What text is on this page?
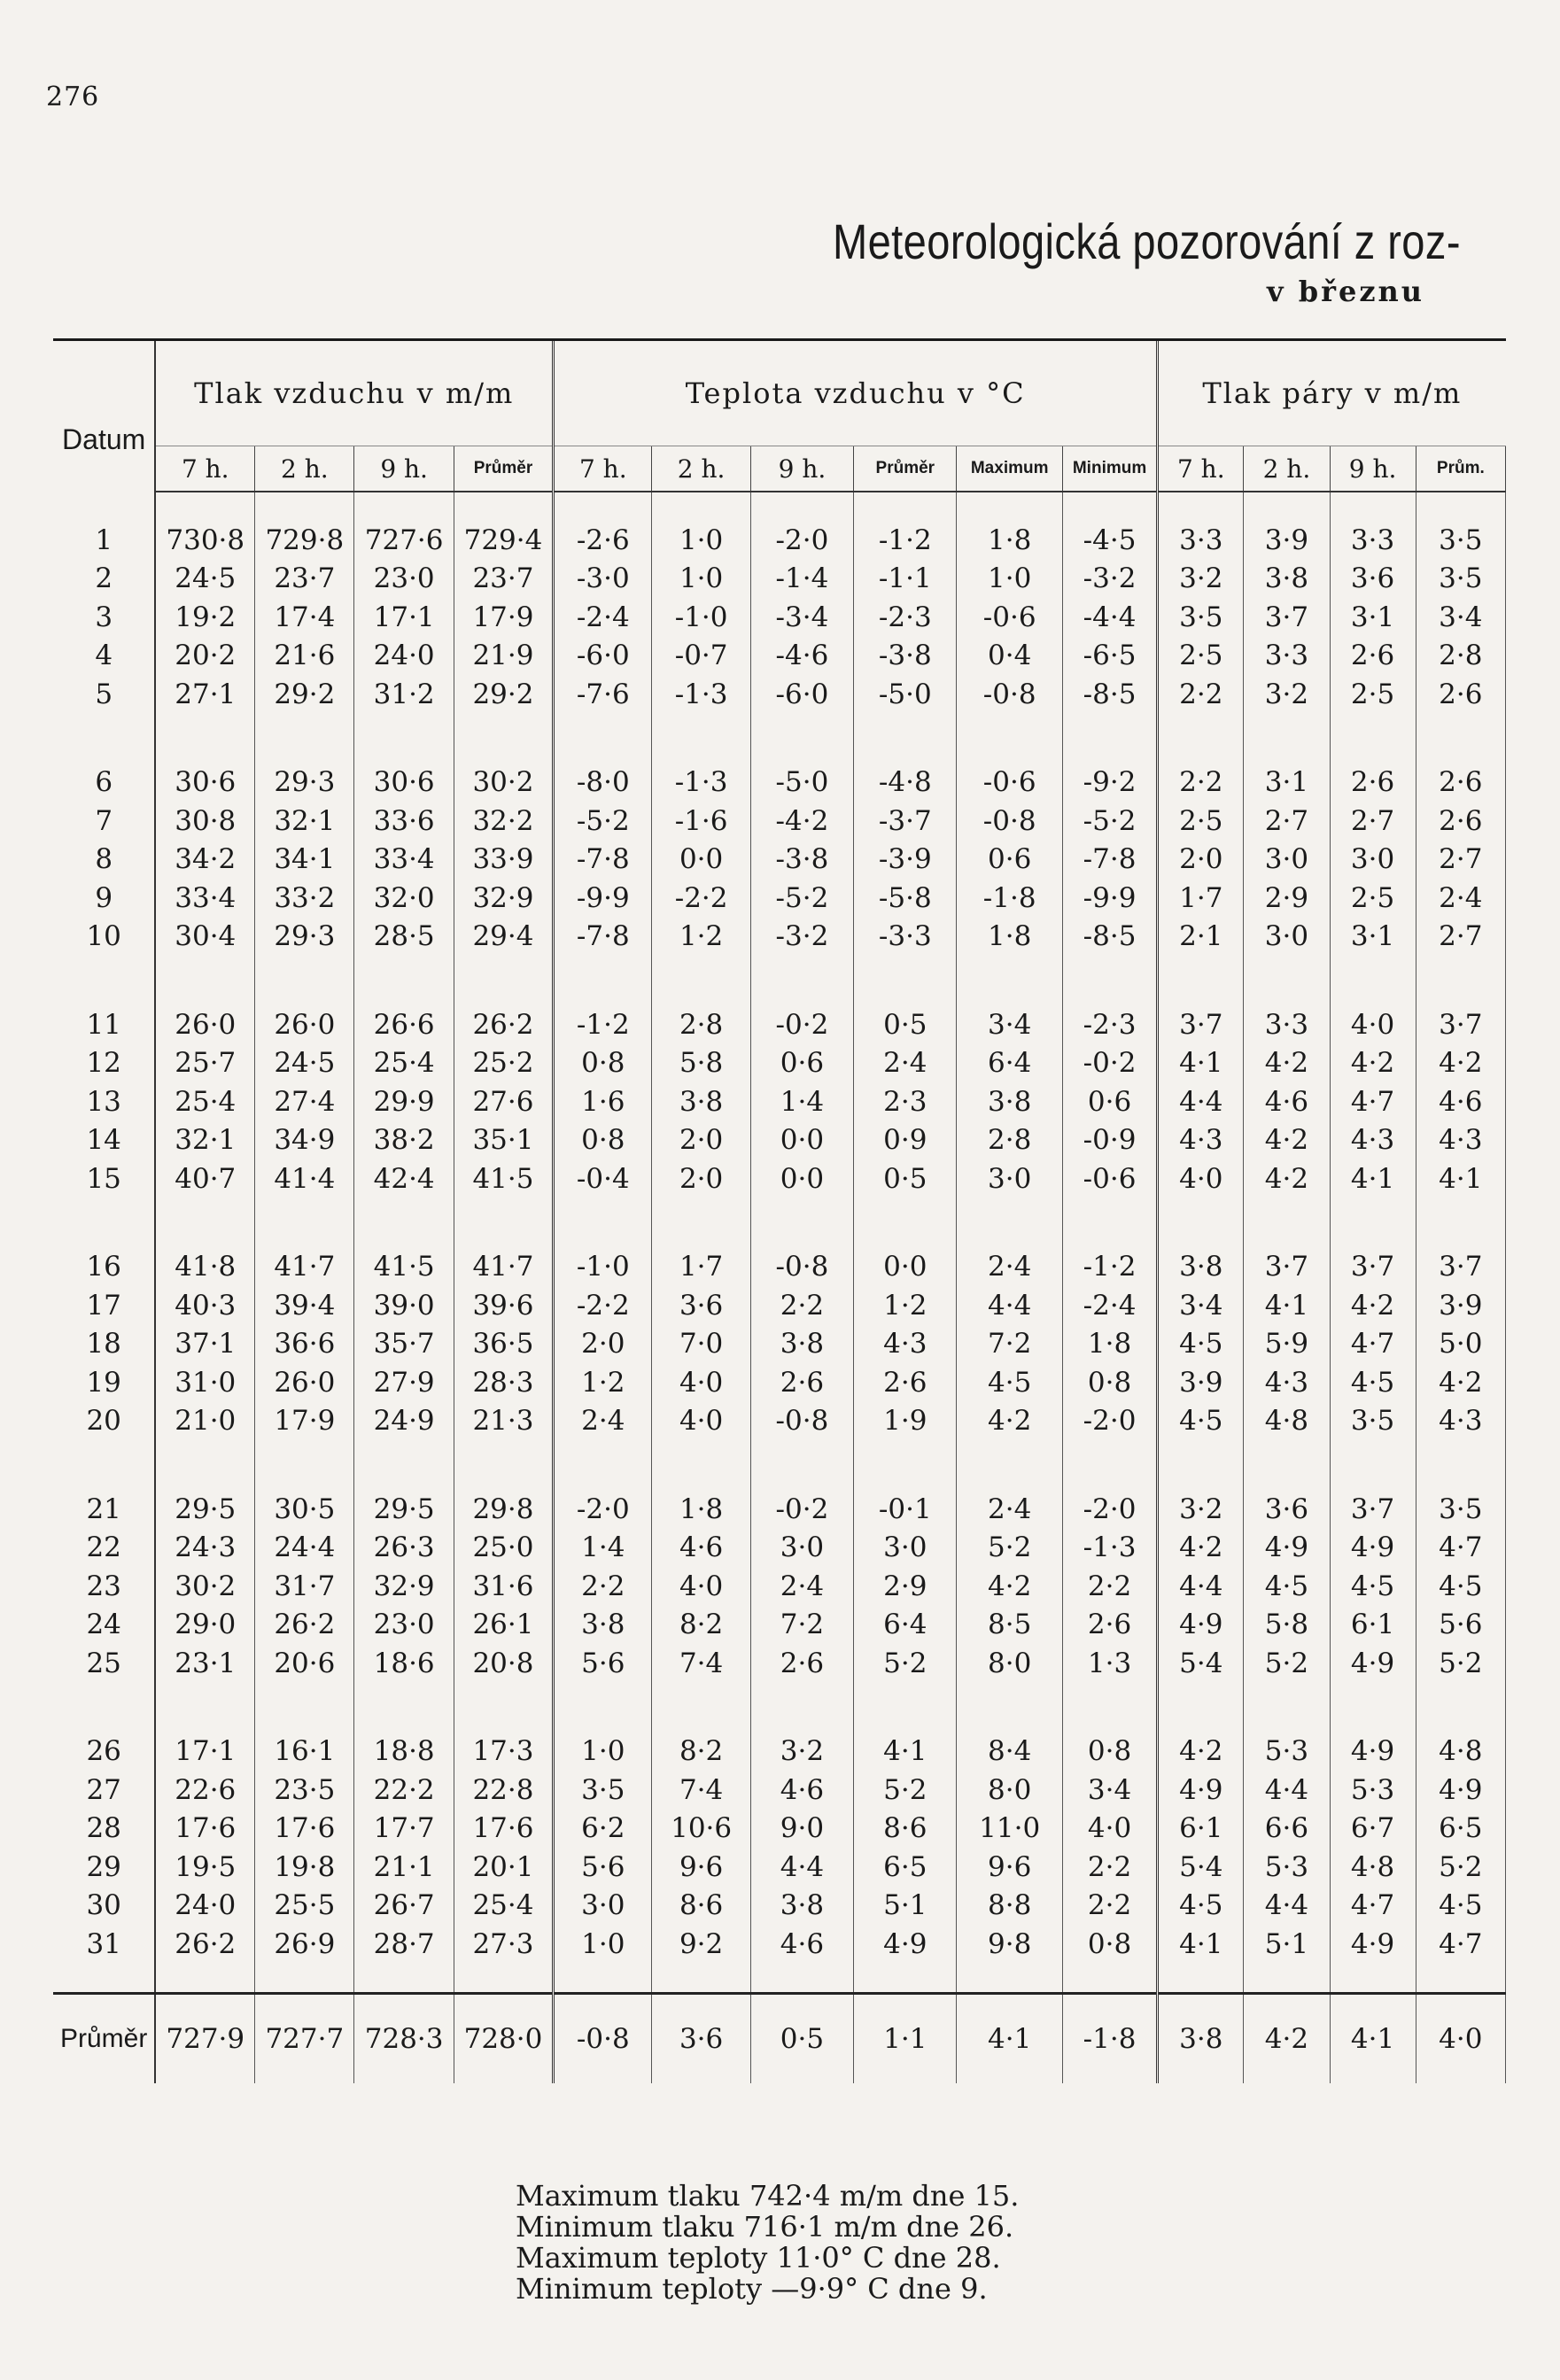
276
Meteorologická pozorování z roz-
v březnu
Datum	Tlak vzduchu v m/m				Teplota vzduchu v °C						Tlak páry v m/m			
	7 h.	2 h.	9 h.	Průměr	7 h.	2 h.	9 h.	Průměr	Maximum	Minimum	7 h.	2 h.	9 h.	Prům.

1	730·8	729·8	727·6	729·4	-2·6	1·0	-2·0	-1·2	1·8	-4·5	3·3	3·9	3·3	3·5
2	24·5	23·7	23·0	23·7	-3·0	1·0	-1·4	-1·1	1·0	-3·2	3·2	3·8	3·6	3·5
3	19·2	17·4	17·1	17·9	-2·4	-1·0	-3·4	-2·3	-0·6	-4·4	3·5	3·7	3·1	3·4
4	20·2	21·6	24·0	21·9	-6·0	-0·7	-4·6	-3·8	0·4	-6·5	2·5	3·3	2·6	2·8
5	27·1	29·2	31·2	29·2	-7·6	-1·3	-6·0	-5·0	-0·8	-8·5	2·2	3·2	2·5	2·6

6	30·6	29·3	30·6	30·2	-8·0	-1·3	-5·0	-4·8	-0·6	-9·2	2·2	3·1	2·6	2·6
7	30·8	32·1	33·6	32·2	-5·2	-1·6	-4·2	-3·7	-0·8	-5·2	2·5	2·7	2·7	2·6
8	34·2	34·1	33·4	33·9	-7·8	0·0	-3·8	-3·9	0·6	-7·8	2·0	3·0	3·0	2·7
9	33·4	33·2	32·0	32·9	-9·9	-2·2	-5·2	-5·8	-1·8	-9·9	1·7	2·9	2·5	2·4
10	30·4	29·3	28·5	29·4	-7·8	1·2	-3·2	-3·3	1·8	-8·5	2·1	3·0	3·1	2·7

11	26·0	26·0	26·6	26·2	-1·2	2·8	-0·2	0·5	3·4	-2·3	3·7	3·3	4·0	3·7
12	25·7	24·5	25·4	25·2	0·8	5·8	0·6	2·4	6·4	-0·2	4·1	4·2	4·2	4·2
13	25·4	27·4	29·9	27·6	1·6	3·8	1·4	2·3	3·8	0·6	4·4	4·6	4·7	4·6
14	32·1	34·9	38·2	35·1	0·8	2·0	0·0	0·9	2·8	-0·9	4·3	4·2	4·3	4·3
15	40·7	41·4	42·4	41·5	-0·4	2·0	0·0	0·5	3·0	-0·6	4·0	4·2	4·1	4·1

16	41·8	41·7	41·5	41·7	-1·0	1·7	-0·8	0·0	2·4	-1·2	3·8	3·7	3·7	3·7
17	40·3	39·4	39·0	39·6	-2·2	3·6	2·2	1·2	4·4	-2·4	3·4	4·1	4·2	3·9
18	37·1	36·6	35·7	36·5	2·0	7·0	3·8	4·3	7·2	1·8	4·5	5·9	4·7	5·0
19	31·0	26·0	27·9	28·3	1·2	4·0	2·6	2·6	4·5	0·8	3·9	4·3	4·5	4·2
20	21·0	17·9	24·9	21·3	2·4	4·0	-0·8	1·9	4·2	-2·0	4·5	4·8	3·5	4·3

21	29·5	30·5	29·5	29·8	-2·0	1·8	-0·2	-0·1	2·4	-2·0	3·2	3·6	3·7	3·5
22	24·3	24·4	26·3	25·0	1·4	4·6	3·0	3·0	5·2	-1·3	4·2	4·9	4·9	4·7
23	30·2	31·7	32·9	31·6	2·2	4·0	2·4	2·9	4·2	2·2	4·4	4·5	4·5	4·5
24	29·0	26·2	23·0	26·1	3·8	8·2	7·2	6·4	8·5	2·6	4·9	5·8	6·1	5·6
25	23·1	20·6	18·6	20·8	5·6	7·4	2·6	5·2	8·0	1·3	5·4	5·2	4·9	5·2

26	17·1	16·1	18·8	17·3	1·0	8·2	3·2	4·1	8·4	0·8	4·2	5·3	4·9	4·8
27	22·6	23·5	22·2	22·8	3·5	7·4	4·6	5·2	8·0	3·4	4·9	4·4	5·3	4·9
28	17·6	17·6	17·7	17·6	6·2	10·6	9·0	8·6	11·0	4·0	6·1	6·6	6·7	6·5
29	19·5	19·8	21·1	20·1	5·6	9·6	4·4	6·5	9·6	2·2	5·4	5·3	4·8	5·2
30	24·0	25·5	26·7	25·4	3·0	8·6	3·8	5·1	8·8	2·2	4·5	4·4	4·7	4·5
31	26·2	26·9	28·7	27·3	1·0	9·2	4·6	4·9	9·8	0·8	4·1	5·1	4·9	4·7

Průměr	727·9	727·7	728·3	728·0	-0·8	3·6	0·5	1·1	4·1	-1·8	3·8	4·2	4·1	4·0
Maximum tlaku 742·4 m/m dne 15.
Minimum tlaku 716·1 m/m dne 26.
Maximum teploty 11·0° C dne 28.
Minimum teploty —9·9° C dne 9.
